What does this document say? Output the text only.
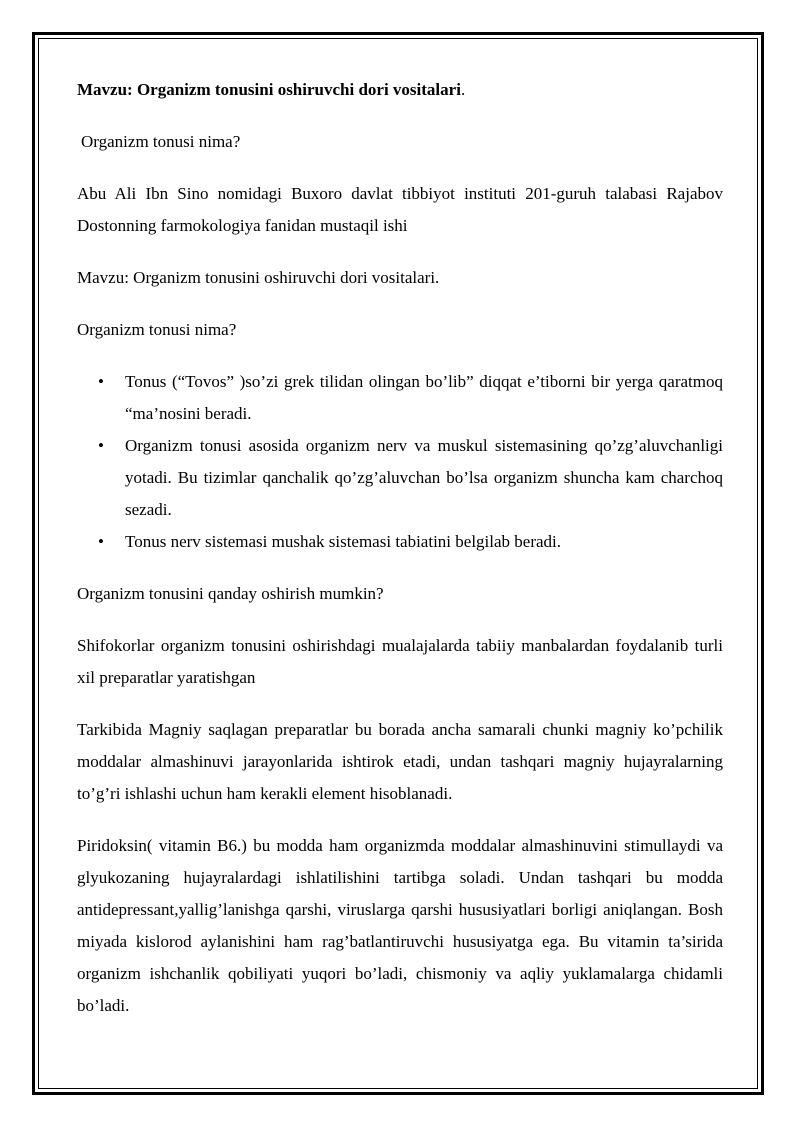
Mavzu: Organizm tonusini oshiruvchi dori vositalari.

Organizm tonusi nima?

Abu Ali Ibn Sino nomidagi Buxoro davlat tibbiyot instituti 201-guruh talabasi Rajabov Dostonning farmokologiya fanidan mustaqil ishi

Mavzu: Organizm tonusini oshiruvchi dori vositalari.

Organizm tonusi nima?

• Tonus (“Tovos” )so’zi grek tilidan olingan bo’lib” diqqat e’tiborni bir yerga qaratmoq “ma’nosini beradi.
• Organizm tonusi asosida organizm nerv va muskul sistemasining qo’zg’aluvchanligi yotadi. Bu tizimlar qanchalik qo’zg’aluvchan bo’lsa organizm shuncha kam charchoq sezadi.
• Tonus nerv sistemasi mushak sistemasi tabiatini belgilab beradi.

Organizm tonusini qanday oshirish mumkin?

Shifokorlar organizm tonusini oshirishdagi mualajalarda tabiiy manbalardan foydalanib turli xil preparatlar yaratishgan

Tarkibida Magniy saqlagan preparatlar bu borada ancha samarali chunki magniy ko’pchilik moddalar almashinuvi jarayonlarida ishtirok etadi, undan tashqari magniy hujayralarning to’g’ri ishlashi uchun ham kerakli element hisoblanadi.

Piridoksin( vitamin B6.) bu modda ham organizmda moddalar almashinuvini stimullaydi va glyukozaning hujayralardagi ishlatilishini tartibga soladi. Undan tashqari bu modda antidepressant,yallig’lanishga qarshi, viruslarga qarshi hususiyatlari borligi aniqlangan. Bosh miyada kislorod aylanishini ham rag’batlantiruvchi hususiyatga ega. Bu vitamin ta’sirida organizm ishchanlik qobiliyati yuqori bo’ladi, chismoniy va aqliy yuklamalarga chidamli bo’ladi.
